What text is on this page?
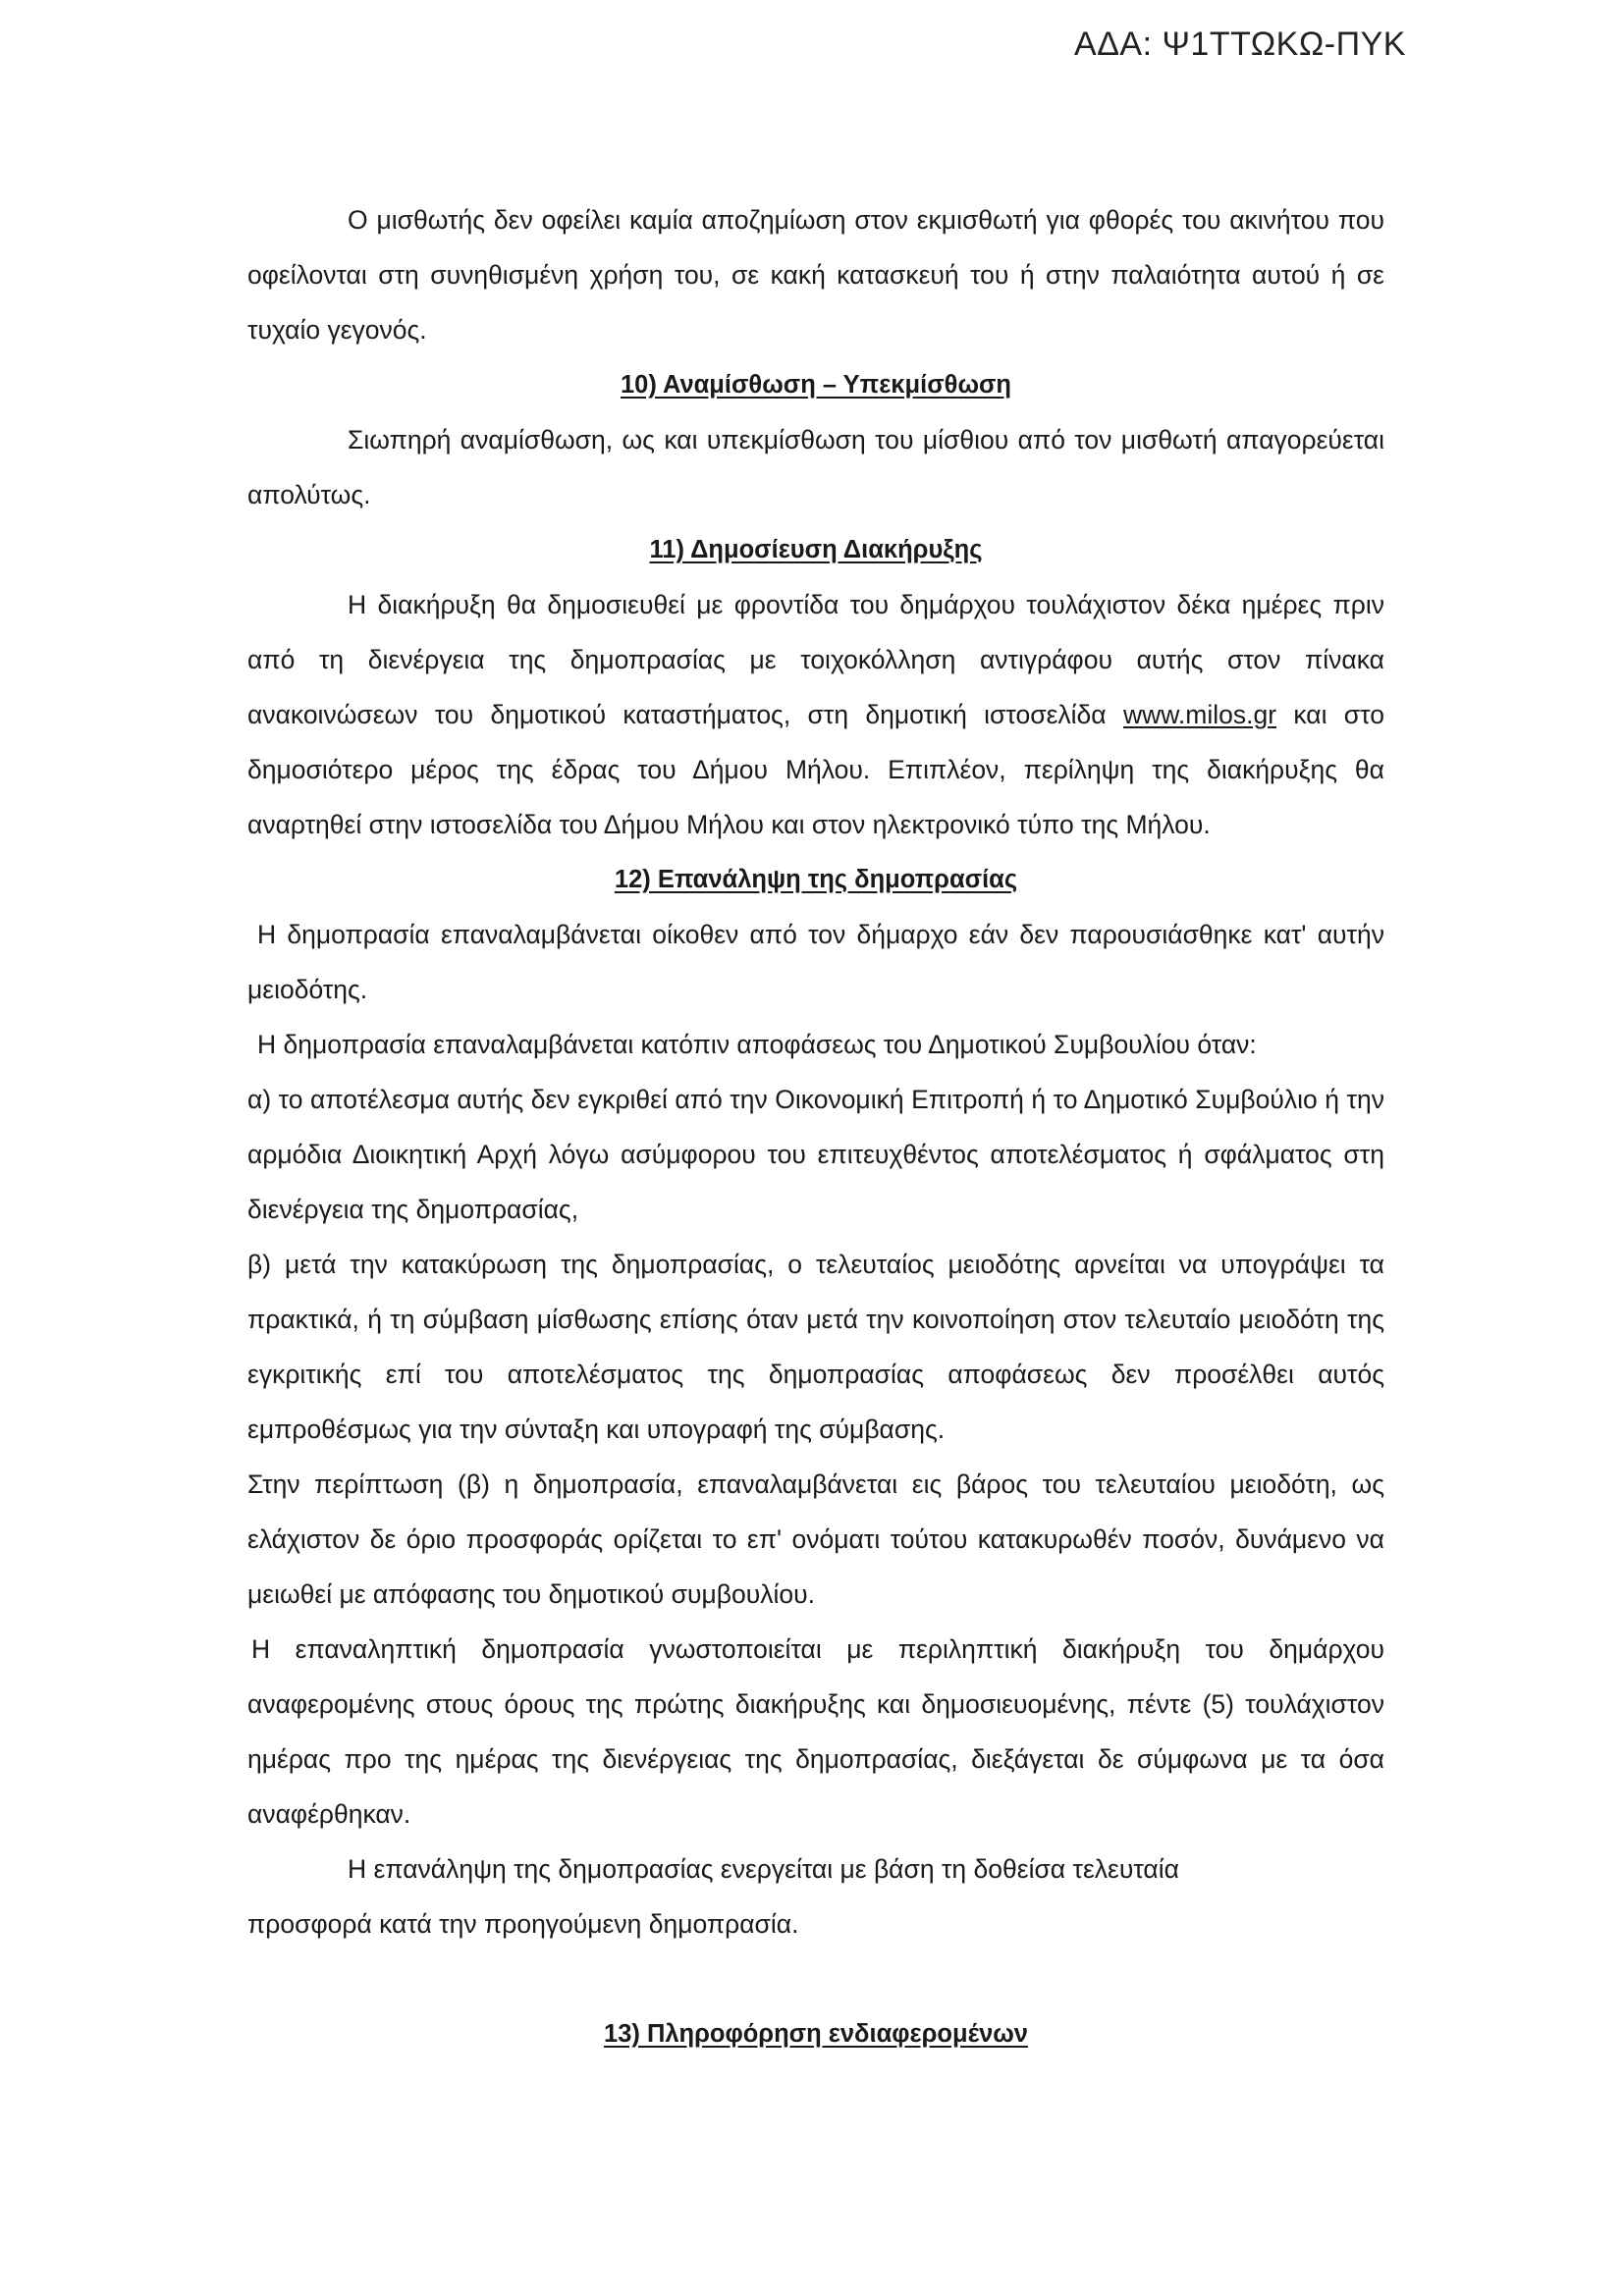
ΑΔΑ: Ψ1ΤΤΩΚΩ-ΠΥΚ

Ο μισθωτής δεν οφείλει καμία αποζημίωση στον εκμισθωτή για φθορές του ακινήτου που οφείλονται στη συνηθισμένη χρήση του, σε κακή κατασκευή του ή στην παλαιότητα αυτού ή σε τυχαίο γεγονός.

10) Αναμίσθωση – Υπεκμίσθωση

Σιωπηρή αναμίσθωση, ως και υπεκμίσθωση του μίσθιου από τον μισθωτή απαγορεύεται απολύτως.

11) Δημοσίευση Διακήρυξης

Η διακήρυξη θα δημοσιευθεί με φροντίδα του δημάρχου τουλάχιστον δέκα ημέρες πριν από τη διενέργεια της δημοπρασίας με τοιχοκόλληση αντιγράφου αυτής στον πίνακα ανακοινώσεων του δημοτικού καταστήματος, στη δημοτική ιστοσελίδα www.milos.gr και στο δημοσιότερο μέρος της έδρας του Δήμου Μήλου. Επιπλέον, περίληψη της διακήρυξης θα αναρτηθεί στην ιστοσελίδα του Δήμου Μήλου και στον ηλεκτρονικό τύπο της Μήλου.

12) Επανάληψη της δημοπρασίας

Η δημοπρασία επαναλαμβάνεται οίκοθεν από τον δήμαρχο εάν δεν παρουσιάσθηκε κατ' αυτήν μειοδότης.

Η δημοπρασία επαναλαμβάνεται κατόπιν αποφάσεως του Δημοτικού Συμβουλίου όταν:

α) το αποτέλεσμα αυτής δεν εγκριθεί από την Οικονομική Επιτροπή ή το Δημοτικό Συμβούλιο ή την αρμόδια Διοικητική Αρχή λόγω ασύμφορου του επιτευχθέντος αποτελέσματος ή σφάλματος στη διενέργεια της δημοπρασίας,

β) μετά την κατακύρωση της δημοπρασίας, ο τελευταίος μειοδότης αρνείται να υπογράψει τα πρακτικά, ή τη σύμβαση μίσθωσης επίσης όταν μετά την κοινοποίηση στον τελευταίο μειοδότη της εγκριτικής επί του αποτελέσματος της δημοπρασίας αποφάσεως δεν προσέλθει αυτός εμπροθέσμως για την σύνταξη και υπογραφή της σύμβασης.

Στην περίπτωση (β) η δημοπρασία, επαναλαμβάνεται εις βάρος του τελευταίου μειοδότη, ως ελάχιστον δε όριο προσφοράς ορίζεται το επ' ονόματι τούτου κατακυρωθέν ποσόν, δυνάμενο να μειωθεί με απόφασης του δημοτικού συμβουλίου.

Η επαναληπτική δημοπρασία γνωστοποιείται με περιληπτική διακήρυξη του δημάρχου αναφερομένης στους όρους της πρώτης διακήρυξης και δημοσιευομένης, πέντε (5) τουλάχιστον ημέρας προ της ημέρας της διενέργειας της δημοπρασίας, διεξάγεται δε σύμφωνα με τα όσα αναφέρθηκαν.

Η επανάληψη της δημοπρασίας ενεργείται με βάση τη δοθείσα τελευταία

προσφορά κατά την προηγούμενη δημοπρασία.

13) Πληροφόρηση ενδιαφερομένων
